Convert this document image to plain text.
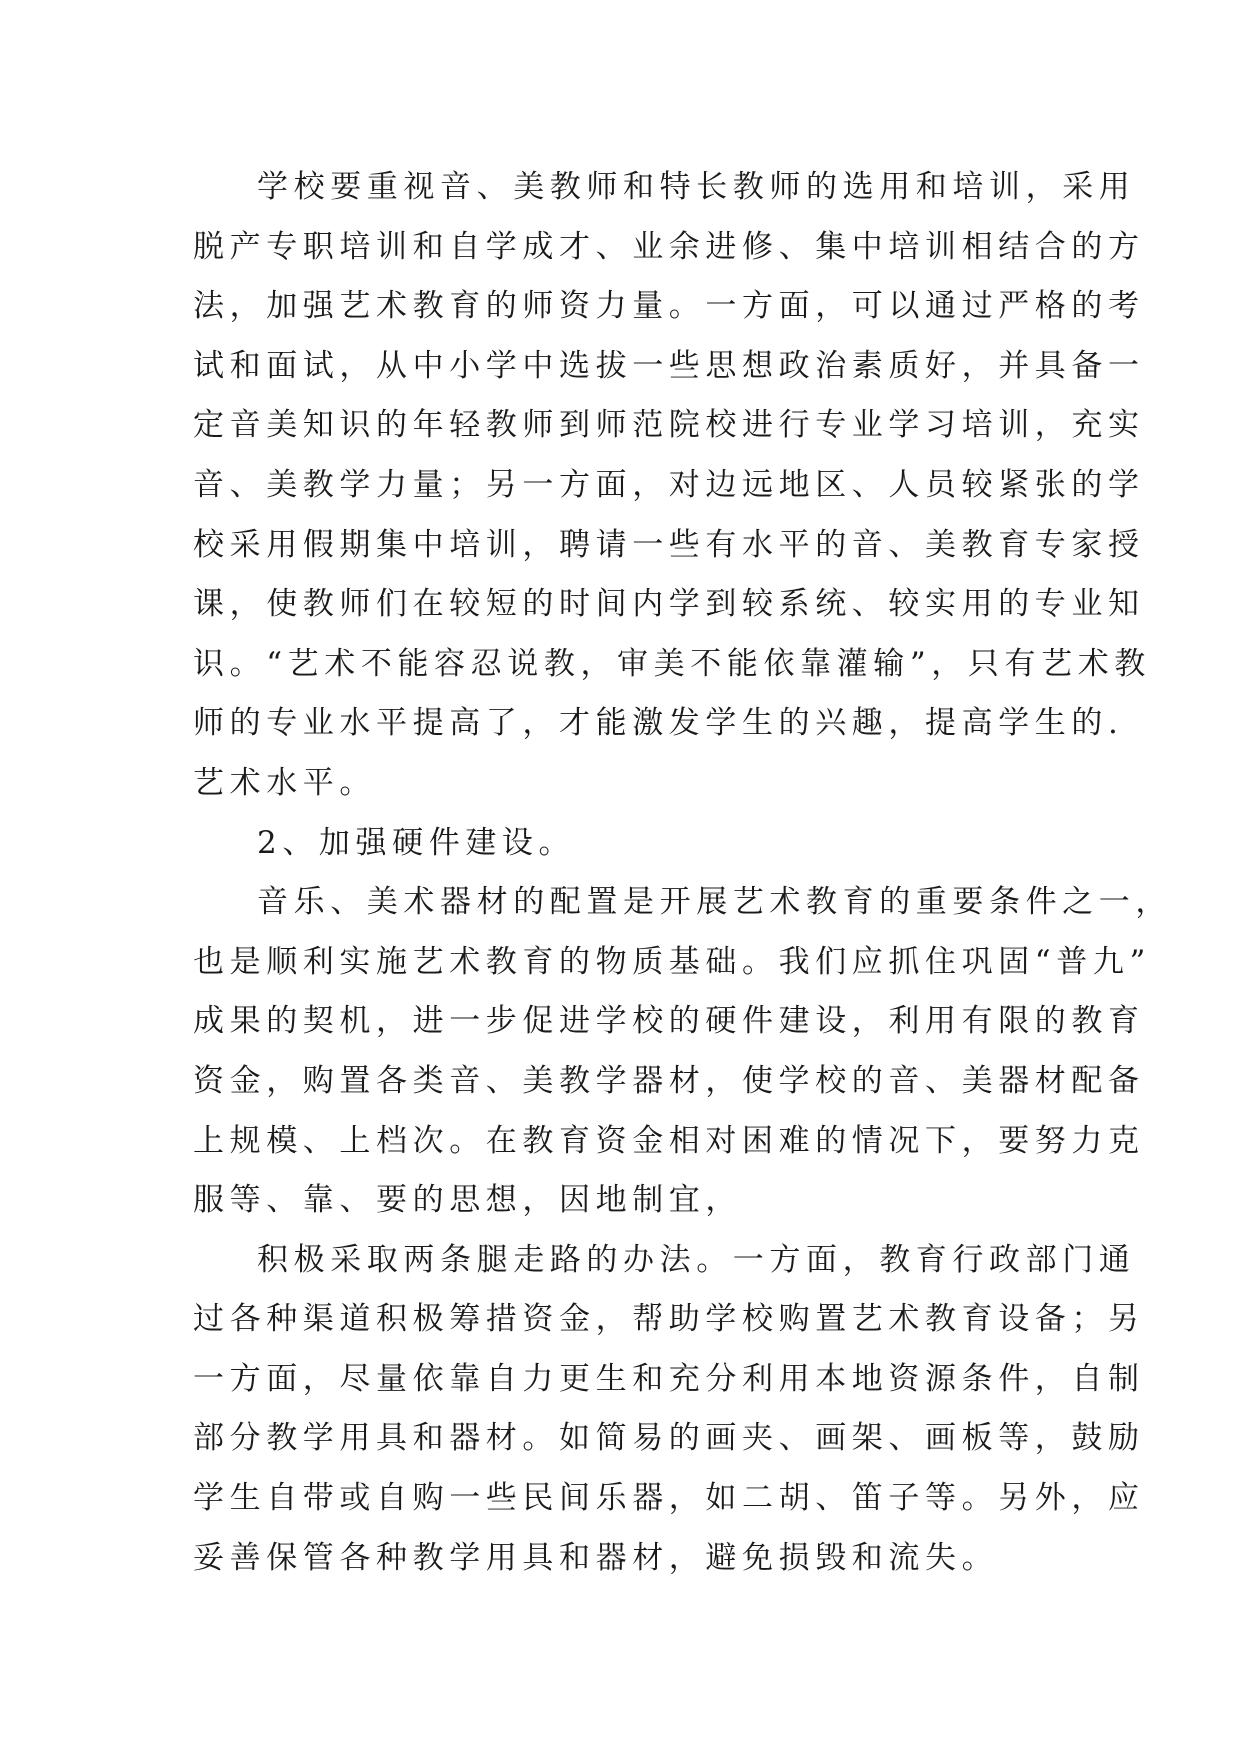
学校要重视音、美教师和特长教师的选用和培训，采用
脱产专职培训和自学成才、业余进修、集中培训相结合的方
法，加强艺术教育的师资力量。一方面，可以通过严格的考
试和面试，从中小学中选拔一些思想政治素质好，并具备一
定音美知识的年轻教师到师范院校进行专业学习培训，充实
音、美教学力量；另一方面，对边远地区、人员较紧张的学
校采用假期集中培训，聘请一些有水平的音、美教育专家授
课，使教师们在较短的时间内学到较系统、较实用的专业知
识。“艺术不能容忍说教，审美不能依靠灌输”，只有艺术教
师的专业水平提高了，才能激发学生的兴趣，提高学生的.
艺术水平。
2、加强硬件建设。
音乐、美术器材的配置是开展艺术教育的重要条件之一，
也是顺利实施艺术教育的物质基础。我们应抓住巩固“普九”
成果的契机，进一步促进学校的硬件建设，利用有限的教育
资金，购置各类音、美教学器材，使学校的音、美器材配备
上规模、上档次。在教育资金相对困难的情况下，要努力克
服等、靠、要的思想，因地制宜，
积极采取两条腿走路的办法。一方面，教育行政部门通
过各种渠道积极筹措资金，帮助学校购置艺术教育设备；另
一方面，尽量依靠自力更生和充分利用本地资源条件，自制
部分教学用具和器材。如简易的画夹、画架、画板等，鼓励
学生自带或自购一些民间乐器，如二胡、笛子等。另外，应
妥善保管各种教学用具和器材，避免损毁和流失。
